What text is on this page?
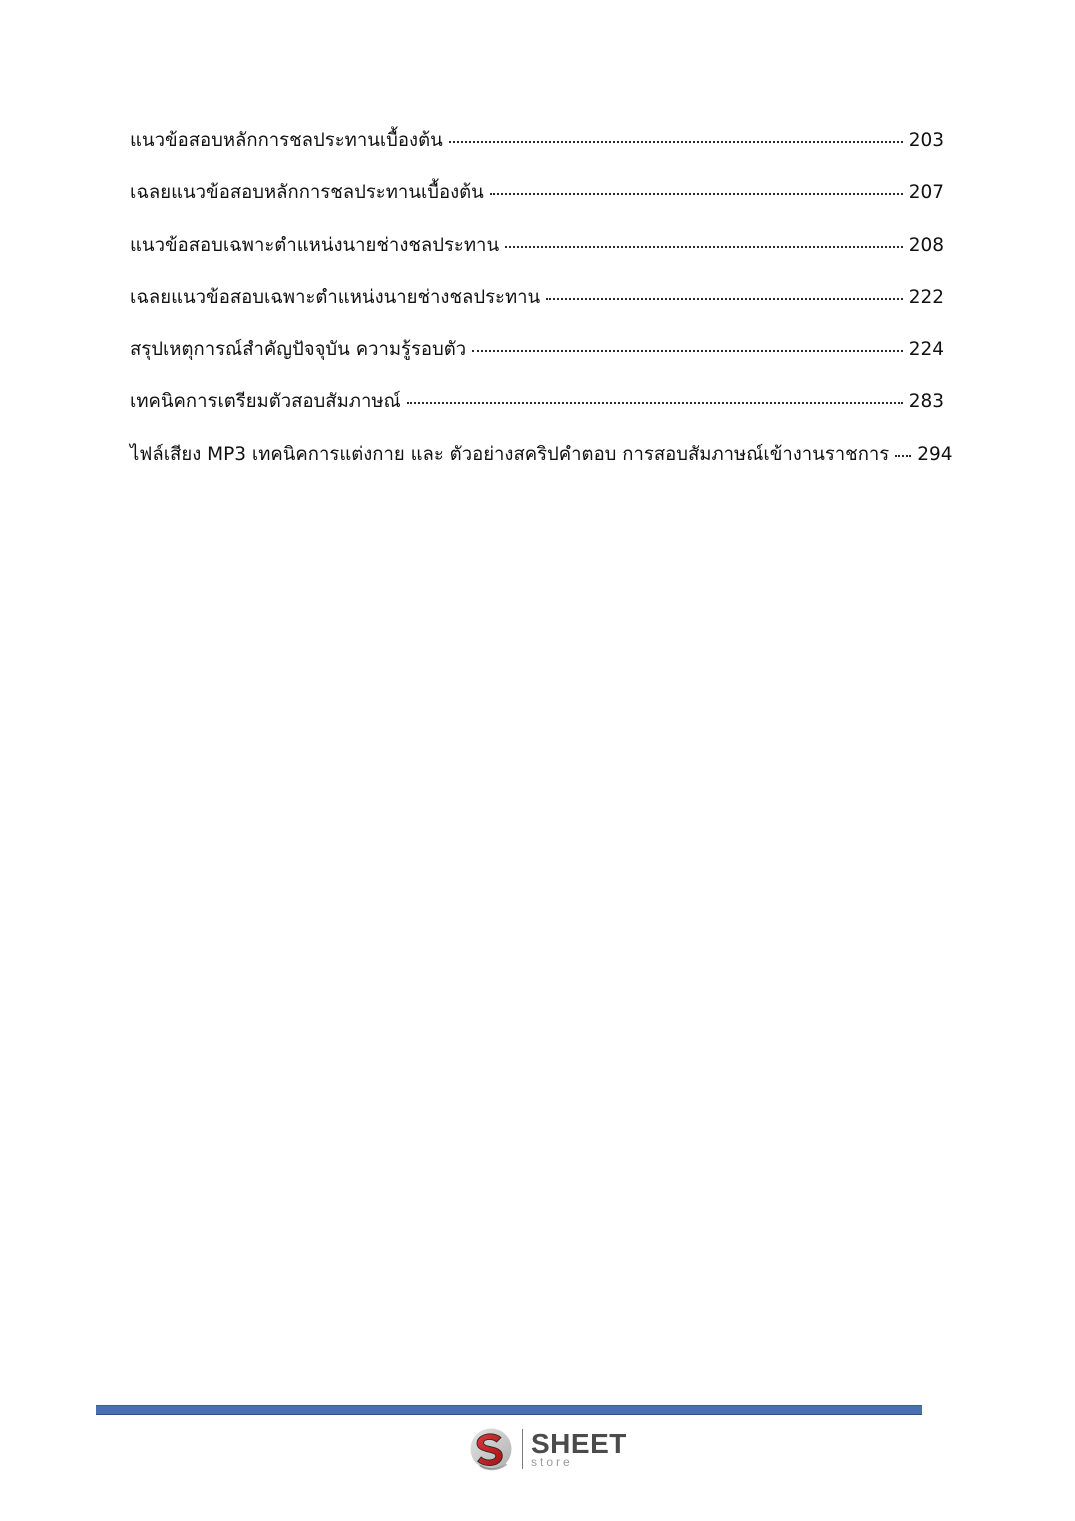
แนวข้อสอบหลักการชลประทานเบื้องต้น	203
เฉลยแนวข้อสอบหลักการชลประทานเบื้องต้น	207
แนวข้อสอบเฉพาะตำแหน่งนายช่างชลประทาน	208
เฉลยแนวข้อสอบเฉพาะตำแหน่งนายช่างชลประทาน	222
สรุปเหตุการณ์สำคัญปัจจุบัน ความรู้รอบตัว	224
เทคนิคการเตรียมตัวสอบสัมภาษณ์	283
ไฟล์เสียง MP3 เทคนิคการแต่งกาย และ ตัวอย่างสคริปคำตอบ การสอบสัมภาษณ์เข้างานราชการ 294
SHEET
store
